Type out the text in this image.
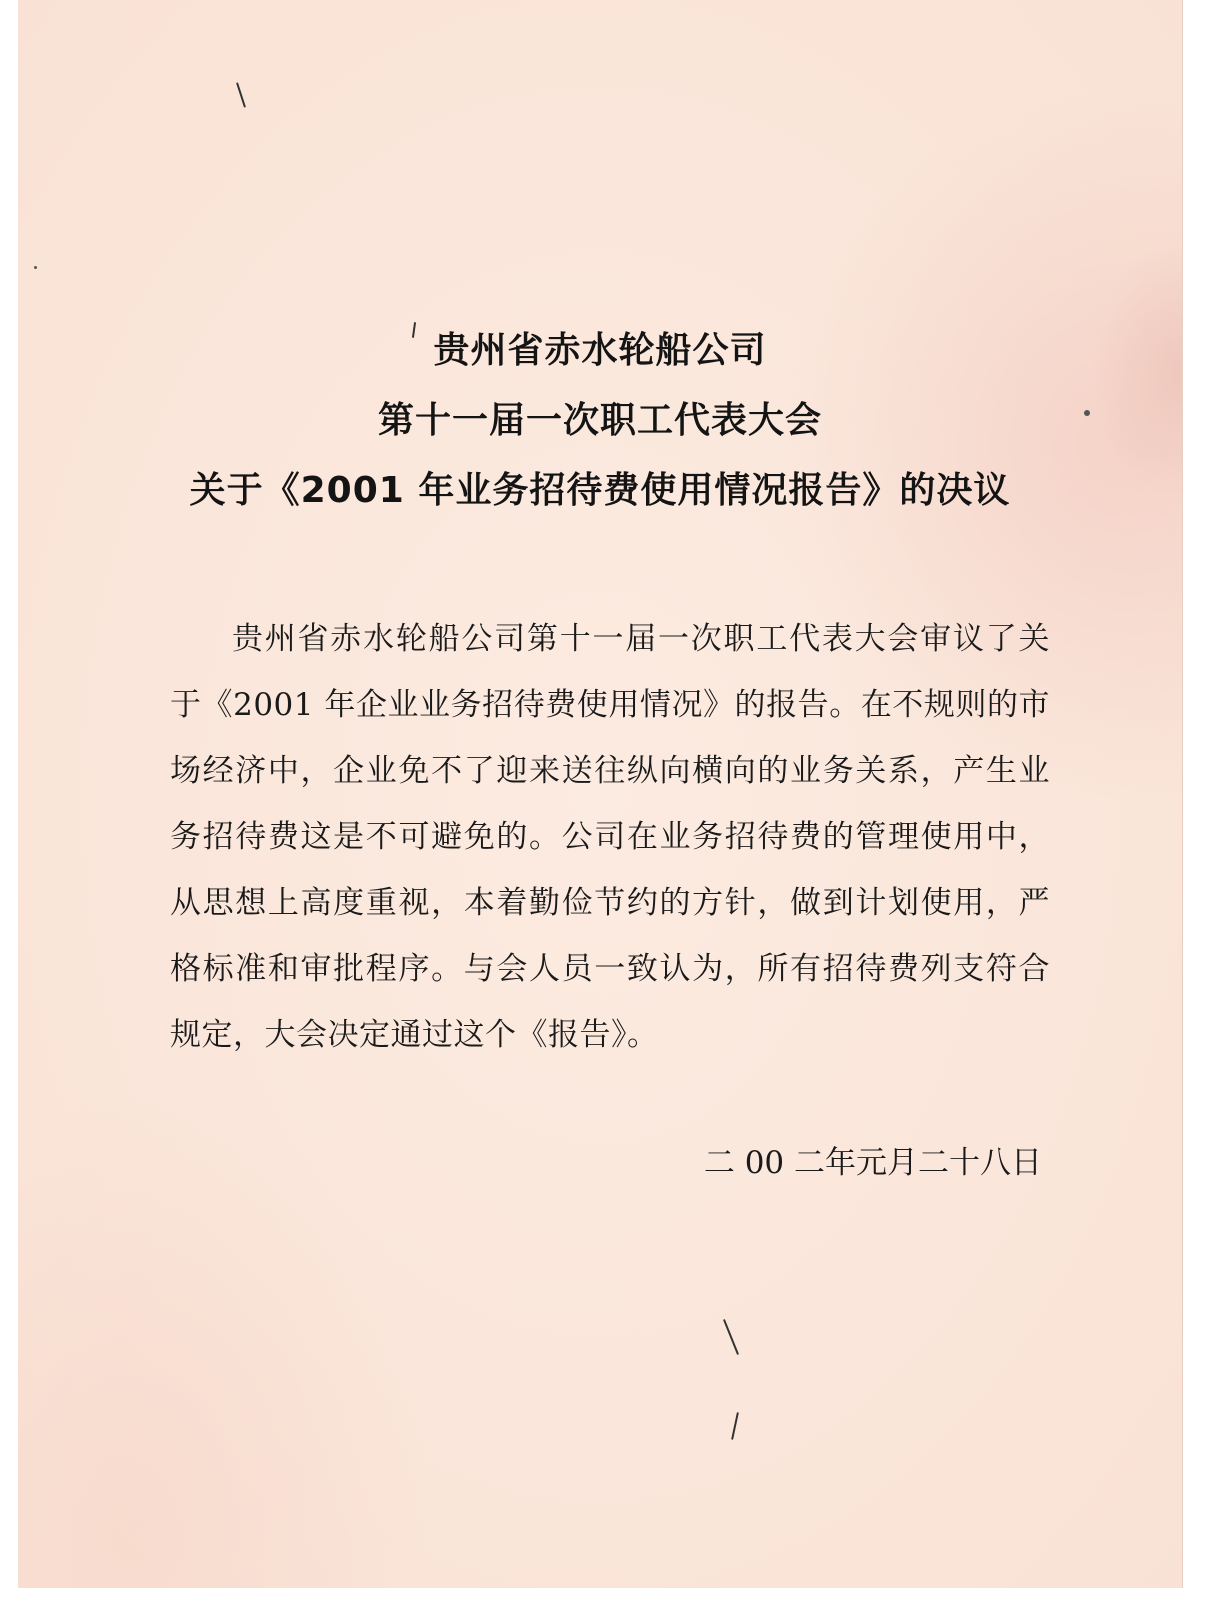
贵州省赤水轮船公司
第十一届一次职工代表大会
关于《2001 年业务招待费使用情况报告》的决议
贵州省赤水轮船公司第十一届一次职工代表大会审议了关于《2001 年企业业务招待费使用情况》的报告。在不规则的市场经济中，企业免不了迎来送往纵向横向的业务关系，产生业务招待费这是不可避免的。公司在业务招待费的管理使用中，从思想上高度重视，本着勤俭节约的方针，做到计划使用，严格标准和审批程序。与会人员一致认为，所有招待费列支符合规定，大会决定通过这个《报告》。
二 00 二年元月二十八日
